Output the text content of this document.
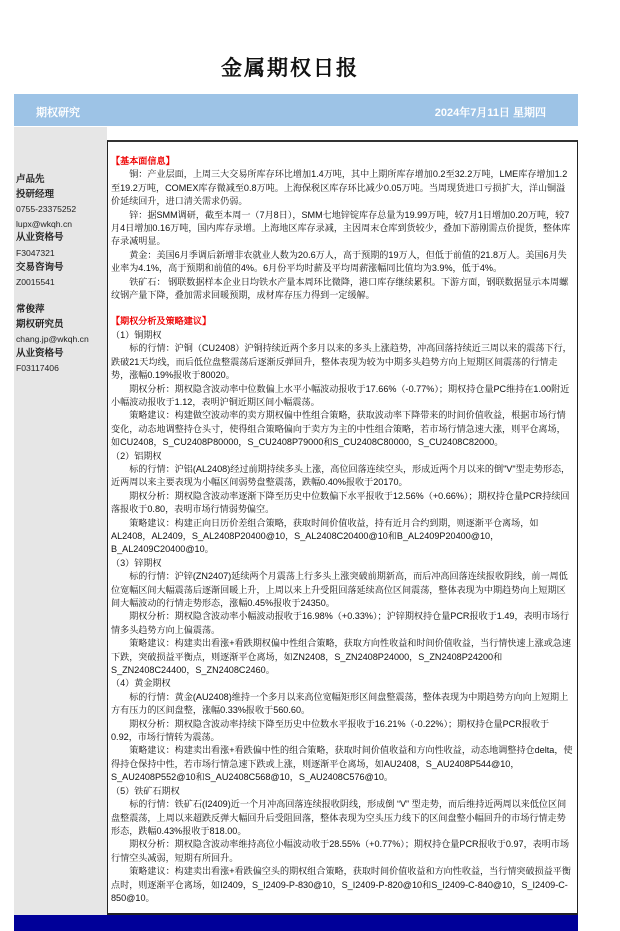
金属期权日报
期权研究	2024年7月11日 星期四
卢品先
投研经理
0755-23375252
lupx@wkqh.cn
从业资格号
F3047321
交易咨询号
Z0015541
常俊萍
期权研究员
chang.jp@wkqh.cn
从业资格号
F03117406
【基本面信息】

铜：产业层面，上周三大交易所库存环比增加1.4万吨，其中上期所库存增加0.2至32.2万吨，LME库存增加1.2至19.2万吨，COMEX库存微减至0.8万吨。上海保税区库存环比减少0.05万吨。当周现货进口亏损扩大，洋山铜溢价延续回升，进口清关需求仍弱。

锌：据SMM调研，截至本周一（7月8日），SMM七地锌锭库存总量为19.99万吨，较7月1日增加0.20万吨，较7月4日增加0.16万吨，国内库存录增。上海地区库存录减，主因周末仓库到货较少，叠加下游刚需点价提货，整体库存录减明显。

黄金：美国6月季调后新增非农就业人数为20.6万人，高于预期的19万人，但低于前值的21.8万人。美国6月失业率为4.1%，高于预期和前值的4%。6月份平均时薪及平均周薪涨幅同比值均为3.9%，低于4%。

铁矿石： 钢联数据样本企业日均铁水产量本周环比微降，港口库存继续累积。下游方面，钢联数据显示本周螺纹钢产量下降，叠加需求回暖预期，成材库存压力得到一定缓解。

【期权分析及策略建议】
（1）铜期权

标的行情：沪铜（CU2408）沪铜持续近两个多月以来的多头上涨趋势，冲高回落持续近三周以来的震荡下行，跌破21天均线，而后低位盘整震荡后逐渐反弹回升，整体表现为较为中期多头趋势方向上短期区间震荡的行情走势，涨幅0.19%报收于80020。

期权分析：期权隐含波动率中位数偏上水平小幅波动报收于17.66%（-0.77%）；期权持仓量PC维持在1.00附近小幅波动报收于1.12，表明沪铜近期区间小幅震荡。

策略建议：构建做空波动率的卖方期权偏中性组合策略，获取波动率下降带来的时间价值收益，根据市场行情变化，动态地调整持仓头寸，使得组合策略偏向于卖方为主的中性组合策略，若市场行情急速大涨，则平仓离场，如CU2408，S_CU2408P80000，S_CU2408P79000和S_CU2408C80000，S_CU2408C82000。

（2）铝期权

标的行情：沪铝(AL2408)经过前期持续多头上涨，高位回落连续空头，形成近两个月以来的倒"V"型走势形态，近两周以来主要表现为小幅区间弱势盘整震荡，跌幅0.40%报收于20170。

期权分析：期权隐含波动率逐渐下降至历史中位数偏下水平报收于12.56%（+0.66%）；期权持仓量PCR持续回落报收于0.80，表明市场行情弱势偏空。

策略建议：构建正向日历价差组合策略，获取时间价值收益，持有近月合约到期，则逐渐平仓离场，如AL2408，AL2409，S_AL2408P20400@10，S_AL2408C20400@10和B_AL2409P20400@10，B_AL2409C20400@10。

（3）锌期权

标的行情：沪锌(ZN2407)延续两个月震荡上行多头上涨突破前期新高，而后冲高回落连续报收阴线，前一周低位宽幅区间大幅震荡后逐渐回暖上升，上周以来上升受阻回落延续高位区间震荡，整体表现为中期趋势向上短期区间大幅波动的行情走势形态，涨幅0.45%报收于24350。

期权分析：期权隐含波动率小幅波动报收于16.98%（+0.33%）；沪锌期权持仓量PCR报收于1.49，表明市场行情多头趋势方向上偏震荡。

策略建议：构建卖出看涨+看跌期权偏中性组合策略，获取方向性收益和时间价值收益，当行情快速上涨或急速下跌，突破损益平衡点，则逐渐平仓离场，如ZN2408，S_ZN2408P24000，S_ZN2408P24200和S_ZN2408C24400，S_ZN2408C2460。

（4）黄金期权

标的行情：黄金(AU2408)维持一个多月以来高位宽幅矩形区间盘整震荡，整体表现为中期趋势方向向上短期上方有压力的区间盘整，涨幅0.33%报收于560.60。

期权分析：期权隐含波动率持续下降至历史中位数水平报收于16.21%（-0.22%）；期权持仓量PCR报收于0.92，市场行情转为震荡。

策略建议：构建卖出看涨+看跌偏中性的组合策略，获取时间价值收益和方向性收益，动态地调整持仓delta，使得持仓保持中性，若市场行情急速下跌或上涨，则逐渐平仓离场，如AU2408，S_AU2408P544@10，S_AU2408P552@10和S_AU2408C568@10，S_AU2408C576@10。

（5）铁矿石期权

标的行情：铁矿石(I2409)近一个月冲高回落连续报收阴线，形成倒 “V” 型走势，而后维持近两周以来低位区间盘整震荡，上周以来超跌反弹大幅回升后受阻回落，整体表现为空头压力线下的区间盘整小幅回升的市场行情走势形态，跌幅0.43%报收于818.00。

期权分析：期权隐含波动率维持高位小幅波动收于28.55%（+0.77%）；期权持仓量PCR报收于0.97，表明市场行情空头减弱，短期有所回升。

策略建议：构建卖出看涨+看跌偏空头的期权组合策略，获取时间价值收益和方向性收益，当行情突破损益平衡点时，则逐渐平仓离场，如I2409，S_I2409-P-830@10，S_I2409-P-820@10和S_I2409-C-840@10，S_I2409-C-850@10。
